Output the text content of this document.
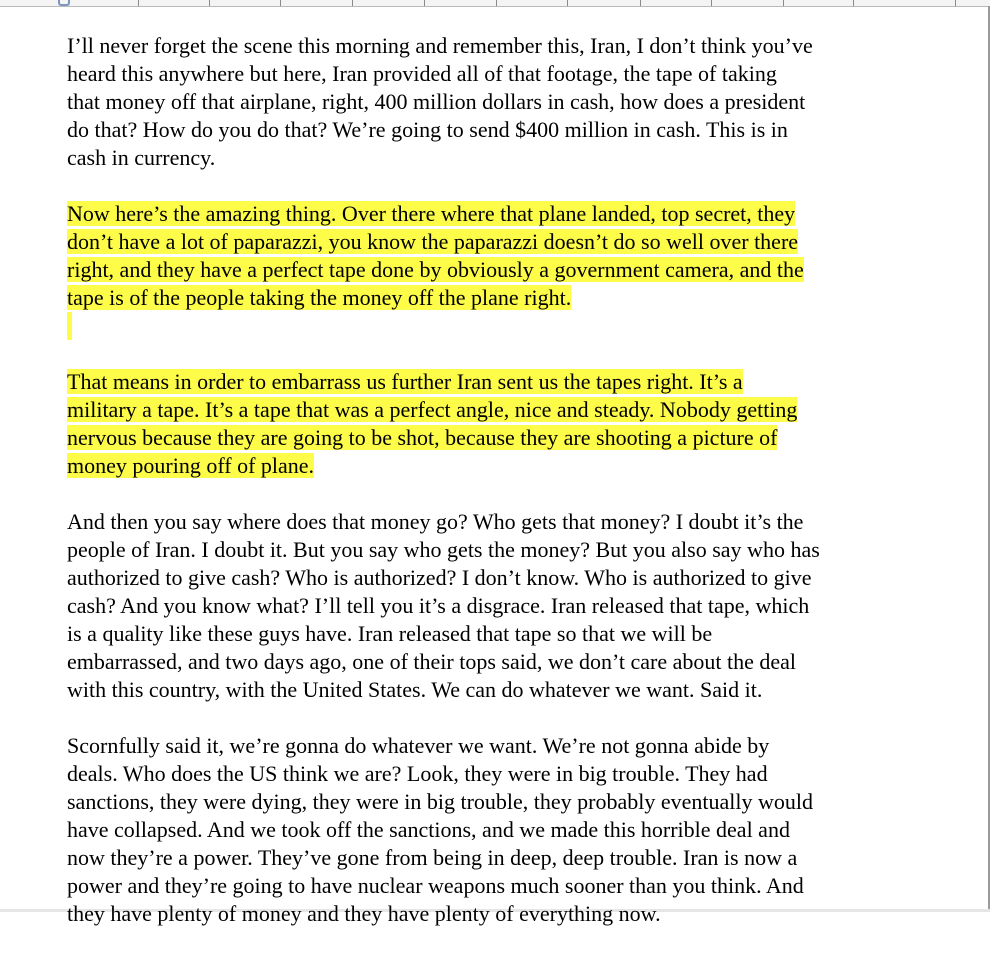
I’ll never forget the scene this morning and remember this, Iran, I don’t think you’ve
heard this anywhere but here, Iran provided all of that footage, the tape of taking
that money off that airplane, right, 400 million dollars in cash, how does a president
do that? How do you do that? We’re going to send $400 million in cash. This is in
cash in currency.

Now here’s the amazing thing. Over there where that plane landed, top secret, they
don’t have a lot of paparazzi, you know the paparazzi doesn’t do so well over there
right, and they have a perfect tape done by obviously a government camera, and the
tape is of the people taking the money off the plane right.

That means in order to embarrass us further Iran sent us the tapes right. It’s a
military a tape. It’s a tape that was a perfect angle, nice and steady. Nobody getting
nervous because they are going to be shot, because they are shooting a picture of
money pouring off of plane.

And then you say where does that money go? Who gets that money? I doubt it’s the
people of Iran. I doubt it. But you say who gets the money? But you also say who has
authorized to give cash? Who is authorized? I don’t know. Who is authorized to give
cash? And you know what? I’ll tell you it’s a disgrace. Iran released that tape, which
is a quality like these guys have. Iran released that tape so that we will be
embarrassed, and two days ago, one of their tops said, we don’t care about the deal
with this country, with the United States. We can do whatever we want. Said it.

Scornfully said it, we’re gonna do whatever we want. We’re not gonna abide by
deals. Who does the US think we are? Look, they were in big trouble. They had
sanctions, they were dying, they were in big trouble, they probably eventually would
have collapsed. And we took off the sanctions, and we made this horrible deal and
now they’re a power. They’ve gone from being in deep, deep trouble. Iran is now a
power and they’re going to have nuclear weapons much sooner than you think. And
they have plenty of money and they have plenty of everything now.
